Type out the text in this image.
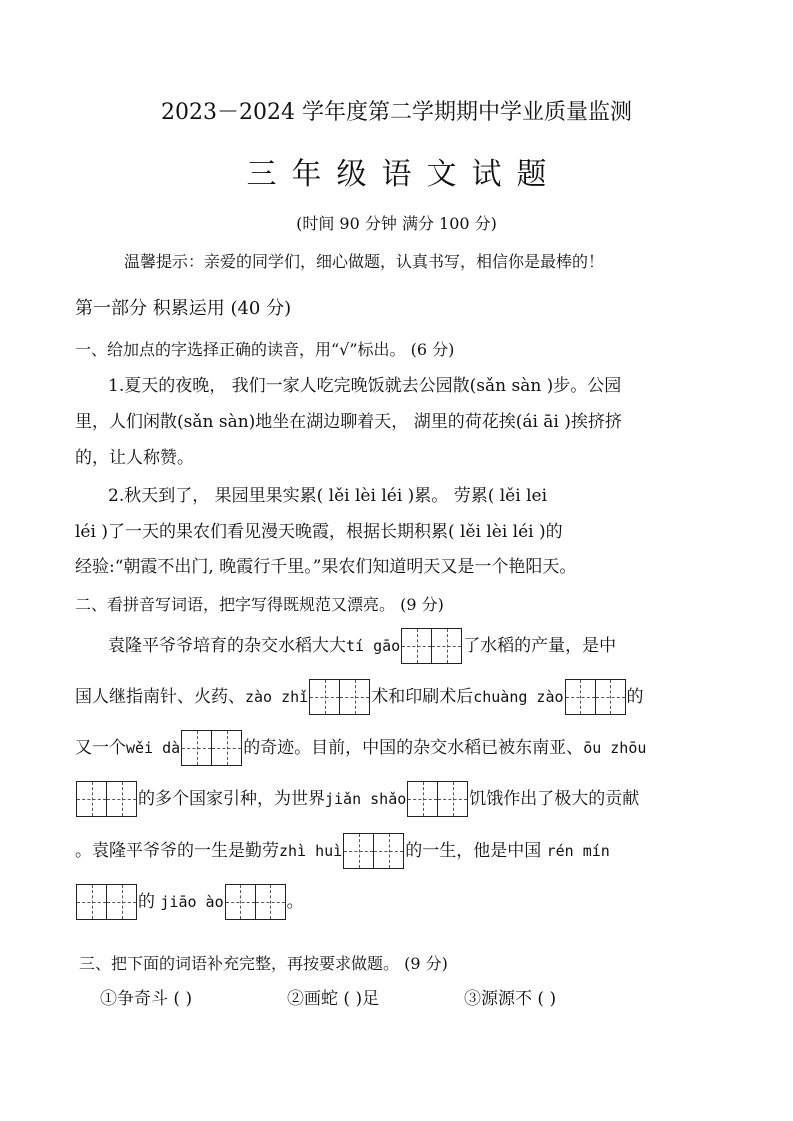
2023－2024 学年度第二学期期中学业质量监测
三年级语文试题
(时间 90 分钟 满分 100 分)
温馨提示：亲爱的同学们，细心做题，认真书写，相信你是最棒的！
第一部分 积累运用 (40 分)
一、给加点的字选择正确的读音，用“√”标出。 (6 分)
1.夏天的夜晚， 我们一家人吃完晚饭就去公园散(sǎn sàn )步。公园
里，人们闲散(sǎn sàn)地坐在湖边聊着天， 湖里的荷花挨(ái āi )挨挤挤
的，让人称赞。
2.秋天到了， 果园里果实累( lěi lèi léi )累。 劳累( lěi lei
léi )了一天的果农们看见漫天晚霞，根据长期积累( lěi lèi léi )的
经验:“朝霞不出门, 晚霞行千里。”果农们知道明天又是一个艳阳天。
二、看拼音写词语，把字写得既规范又漂亮。 (9 分)
袁隆平爷爷培育的杂交水稻大大tí gāo	了水稻的产量，是中
国人继指南针、火药、zào zhǐ	术和印刷术后chuàng zào	的
又一个wěi dà	的奇迹。目前，中国的杂交水稻已被东南亚、ōu zhōu
的多个国家引种，为世界jiǎn shǎo	饥饿作出了极大的贡献
。袁隆平爷爷的一生是勤劳zhì huì	的一生，他是中国 rén mín
的 jiāo ào	。
三、把下面的词语补充完整，再按要求做题。 (9 分)
①争奇斗 ( )	②画蛇 ( )足	③源源不 ( )
